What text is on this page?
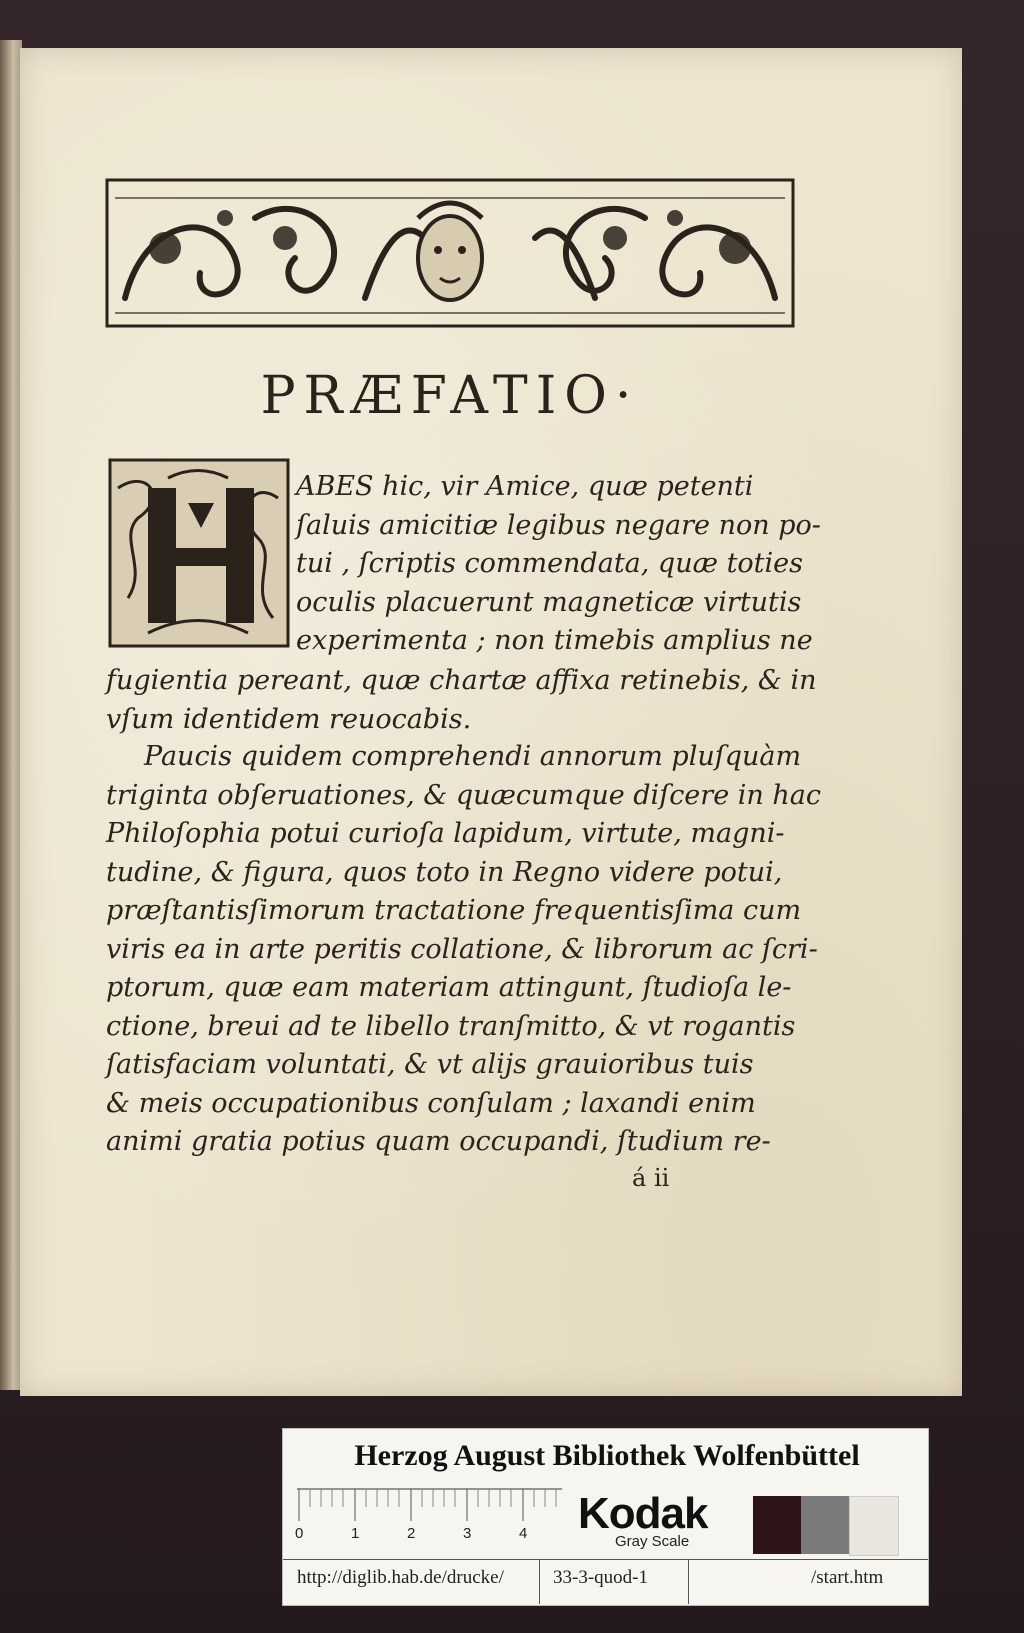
PRÆFATIO·
ABES hic, vir Amice, quæ petenti
ſaluis amicitiæ legibus negare non po-
tui , ſcriptis commendata, quæ toties
oculis placuerunt magneticæ virtutis
experimenta ; non timebis amplius ne
fugientia pereant, quæ chartæ affixa retinebis, & in
vſum identidem reuocabis.
Paucis quidem comprehendi annorum pluſquàm
triginta obſeruationes, & quæcumque diſcere in hac
Philoſophia potui curioſa lapidum, virtute, magni-
tudine, & figura, quos toto in Regno videre potui,
præſtantisſimorum tractatione frequentisſima cum
viris ea in arte peritis collatione, & librorum ac ſcri-
ptorum, quæ eam materiam attingunt, ſtudioſa le-
ctione, breui ad te libello tranſmitto, & vt rogantis
ſatisfaciam voluntati, & vt alijs grauioribus tuis
& meis occupationibus conſulam ; laxandi enim
animi gratia potius quam occupandi, ſtudium re-
á ii
Herzog August Bibliothek Wolfenbüttel
0	1	2	3	4 Kodak
Gray Scale
http://diglib.hab.de/drucke/	33-3-quod-1	/start.htm
